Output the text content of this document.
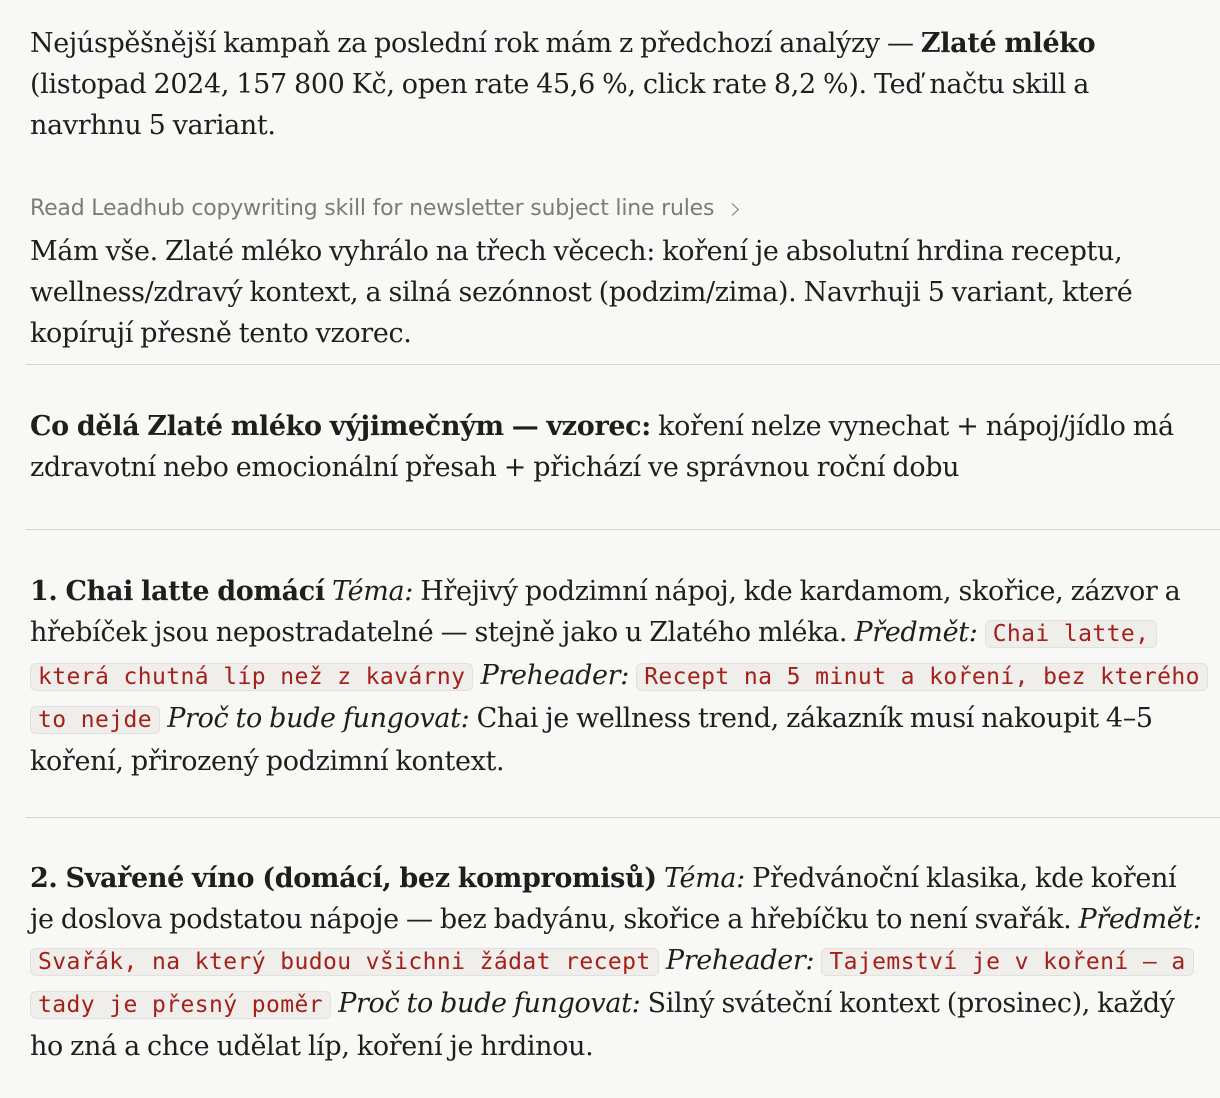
Nejúspěšnější kampaň za poslední rok mám z předchozí analýzy — Zlaté mléko (listopad 2024, 157 800 Kč, open rate 45,6 %, click rate 8,2 %). Teď načtu skill a navrhnu 5 variant.

Read Leadhub copywriting skill for newsletter subject line rules

Mám vše. Zlaté mléko vyhrálo na třech věcech: koření je absolutní hrdina receptu, wellness/zdravý kontext, a silná sezónnost (podzim/zima). Navrhuji 5 variant, které kopírují přesně tento vzorec.

Co dělá Zlaté mléko výjimečným — vzorec: koření nelze vynechat + nápoj/jídlo má zdravotní nebo emocionální přesah + přichází ve správnou roční dobu

1. Chai latte domácí Téma: Hřejivý podzimní nápoj, kde kardamom, skořice, zázvor a hřebíček jsou nepostradatelné — stejně jako u Zlatého mléka. Předmět: Chai latte, která chutná líp než z kavárny Preheader: Recept na 5 minut a koření, bez kterého to nejde Proč to bude fungovat: Chai je wellness trend, zákazník musí nakoupit 4–5 koření, přirozený podzimní kontext.

2. Svařené víno (domácí, bez kompromisů) Téma: Předvánoční klasika, kde koření je doslova podstatou nápoje — bez badyánu, skořice a hřebíčku to není svařák. Předmět: Svařák, na který budou všichni žádat recept Preheader: Tajemství je v koření — a tady je přesný poměr Proč to bude fungovat: Silný sváteční kontext (prosinec), každý ho zná a chce udělat líp, koření je hrdinou.
